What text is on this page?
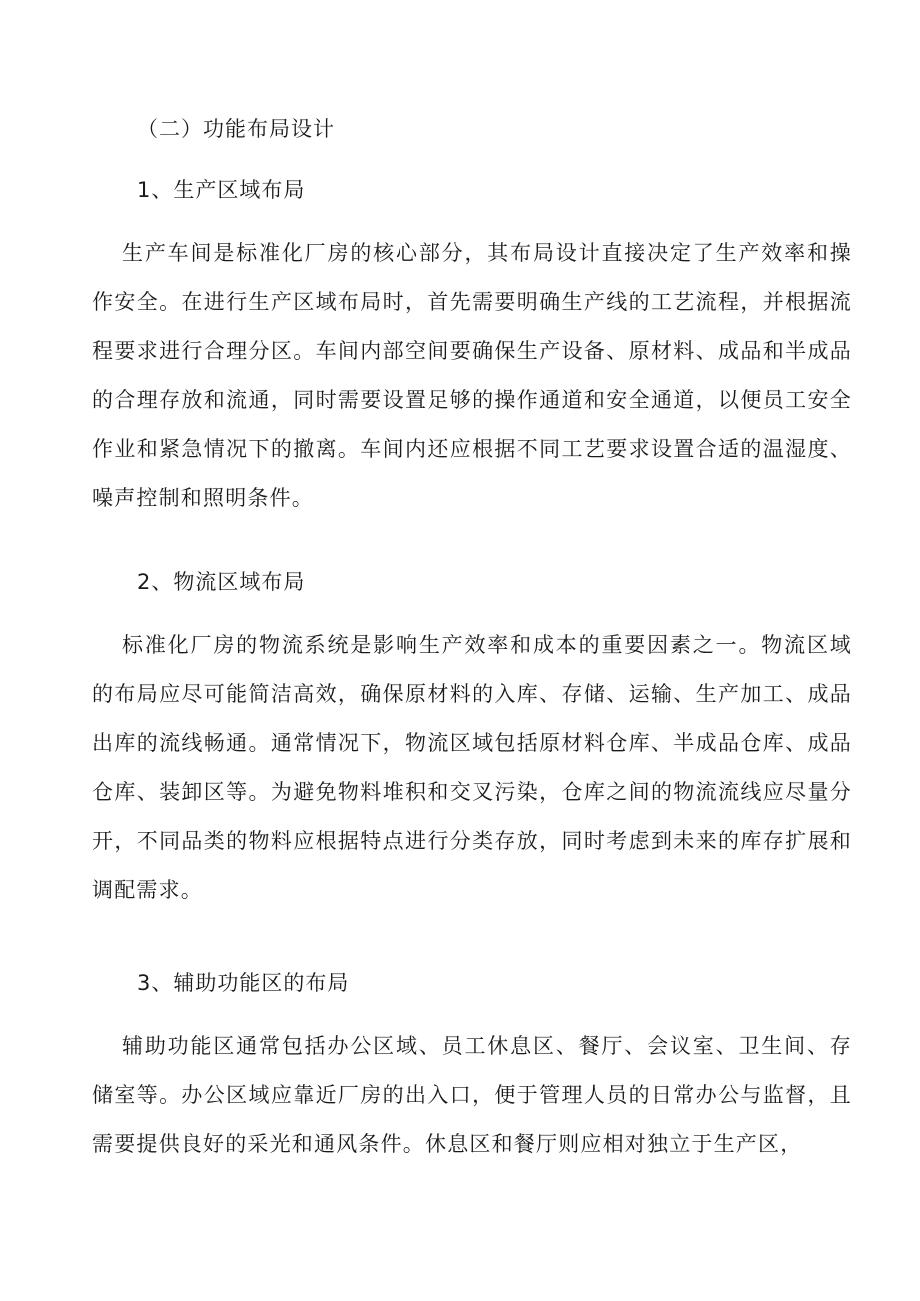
（二）功能布局设计
1、生产区域布局

生产车间是标准化厂房的核心部分，其布局设计直接决定了生产效率和操作安全。在进行生产区域布局时，首先需要明确生产线的工艺流程，并根据流程要求进行合理分区。车间内部空间要确保生产设备、原材料、成品和半成品的合理存放和流通，同时需要设置足够的操作通道和安全通道，以便员工安全作业和紧急情况下的撤离。车间内还应根据不同工艺要求设置合适的温湿度、噪声控制和照明条件。

2、物流区域布局

标准化厂房的物流系统是影响生产效率和成本的重要因素之一。物流区域的布局应尽可能简洁高效，确保原材料的入库、存储、运输、生产加工、成品出库的流线畅通。通常情况下，物流区域包括原材料仓库、半成品仓库、成品仓库、装卸区等。为避免物料堆积和交叉污染，仓库之间的物流流线应尽量分开，不同品类的物料应根据特点进行分类存放，同时考虑到未来的库存扩展和调配需求。

3、辅助功能区的布局

辅助功能区通常包括办公区域、员工休息区、餐厅、会议室、卫生间、存储室等。办公区域应靠近厂房的出入口，便于管理人员的日常办公与监督，且需要提供良好的采光和通风条件。休息区和餐厅则应相对独立于生产区，
